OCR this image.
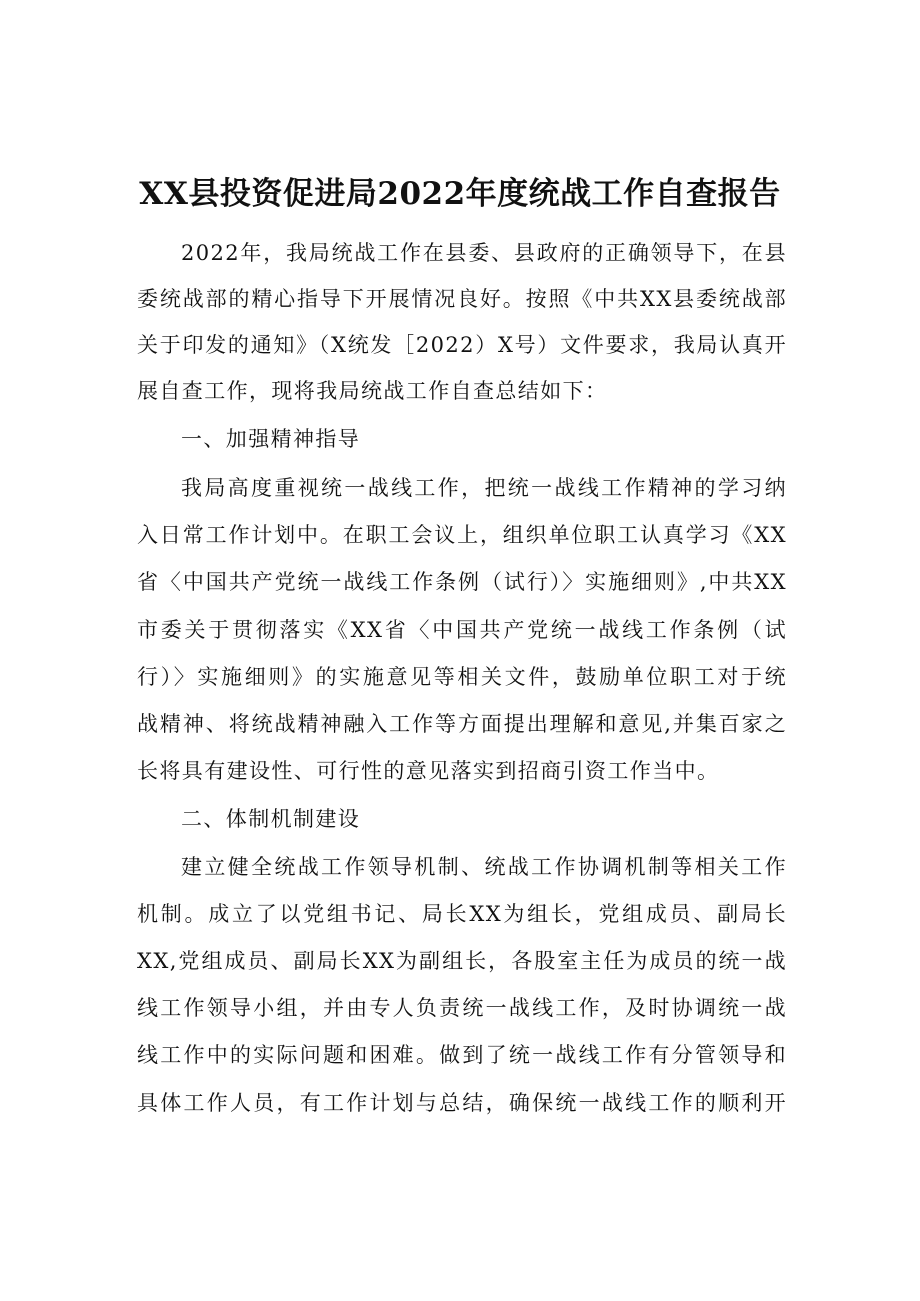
XX县投资促进局2022年度统战工作自查报告
2022年，我局统战工作在县委、县政府的正确领导下，在县
委统战部的精心指导下开展情况良好。按照《中共XX县委统战部
关于印发的通知》（X统发［2022）X号）文件要求，我局认真开
展自查工作，现将我局统战工作自查总结如下：
一、加强精神指导
我局高度重视统一战线工作，把统一战线工作精神的学习纳
入日常工作计划中。在职工会议上，组织单位职工认真学习《XX
省〈中国共产党统一战线工作条例（试行）〉实施细则》,中共XX
市委关于贯彻落实《XX省〈中国共产党统一战线工作条例（试
行）〉实施细则》的实施意见等相关文件，鼓励单位职工对于统
战精神、将统战精神融入工作等方面提出理解和意见,并集百家之
长将具有建设性、可行性的意见落实到招商引资工作当中。
二、体制机制建设
建立健全统战工作领导机制、统战工作协调机制等相关工作
机制。成立了以党组书记、局长XX为组长，党组成员、副局长
XX,党组成员、副局长XX为副组长，各股室主任为成员的统一战
线工作领导小组，并由专人负责统一战线工作，及时协调统一战
线工作中的实际问题和困难。做到了统一战线工作有分管领导和
具体工作人员，有工作计划与总结，确保统一战线工作的顺利开
